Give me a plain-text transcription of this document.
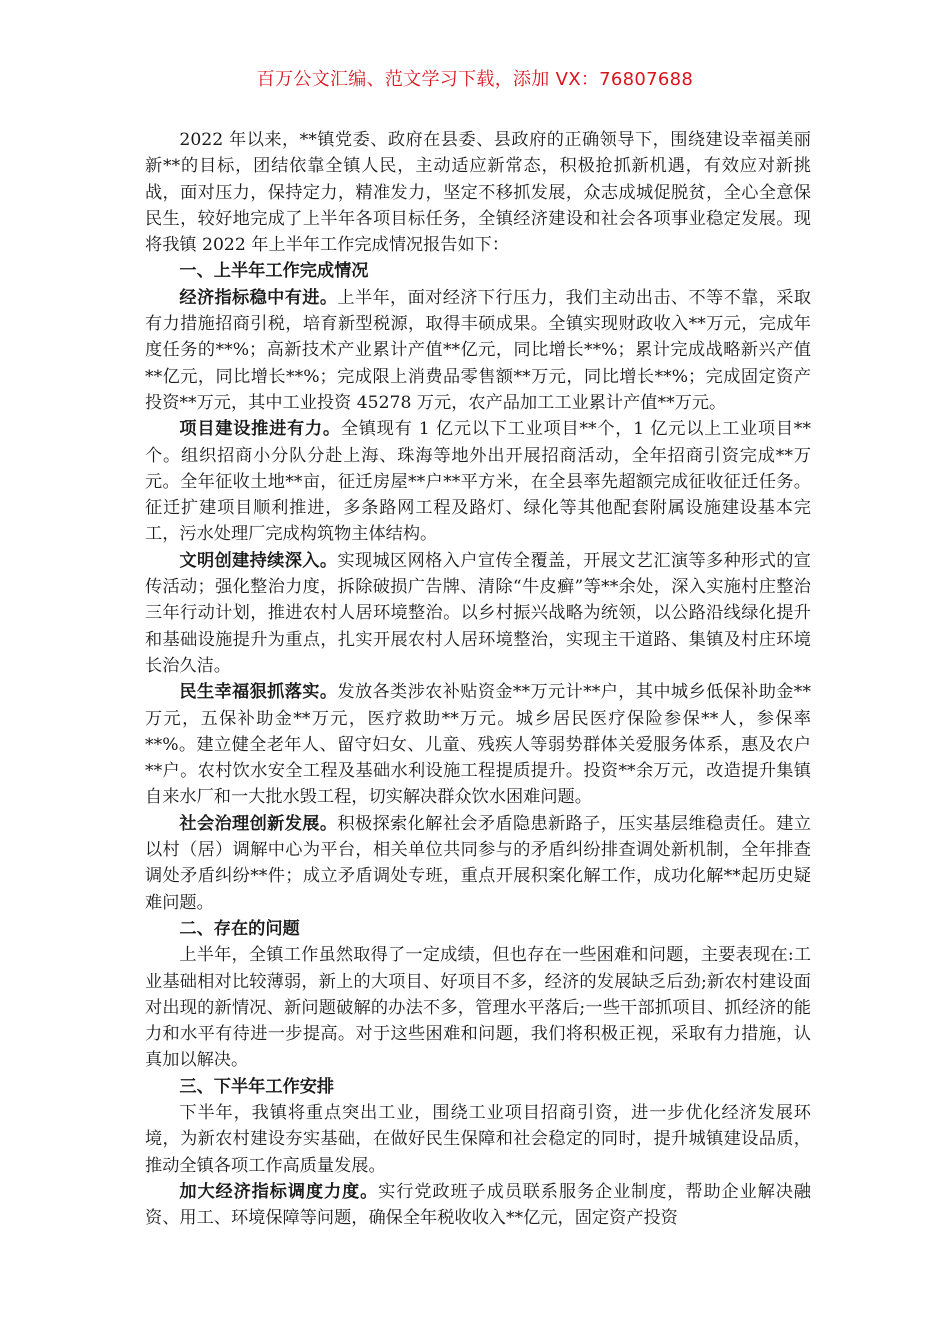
百万公文汇编、范文学习下载，添加 VX：76807688

2022 年以来，**镇党委、政府在县委、县政府的正确领导下，围绕建设幸福美丽新**的目标，团结依靠全镇人民，主动适应新常态，积极抢抓新机遇，有效应对新挑战，面对压力，保持定力，精准发力，坚定不移抓发展，众志成城促脱贫，全心全意保民生，较好地完成了上半年各项目标任务，全镇经济建设和社会各项事业稳定发展。现将我镇 2022 年上半年工作完成情况报告如下：

一、上半年工作完成情况

经济指标稳中有进。上半年，面对经济下行压力，我们主动出击、不等不靠，采取有力措施招商引税，培育新型税源，取得丰硕成果。全镇实现财政收入**万元，完成年度任务的**%；高新技术产业累计产值**亿元，同比增长**%；累计完成战略新兴产值**亿元，同比增长**%；完成限上消费品零售额**万元，同比增长**%；完成固定资产投资**万元，其中工业投资 45278 万元，农产品加工工业累计产值**万元。

项目建设推进有力。全镇现有 1 亿元以下工业项目**个，1 亿元以上工业项目**个。组织招商小分队分赴上海、珠海等地外出开展招商活动，全年招商引资完成**万元。全年征收土地**亩，征迁房屋**户**平方米，在全县率先超额完成征收征迁任务。征迁扩建项目顺利推进，多条路网工程及路灯、绿化等其他配套附属设施建设基本完工，污水处理厂完成构筑物主体结构。

文明创建持续深入。实现城区网格入户宣传全覆盖，开展文艺汇演等多种形式的宣传活动；强化整治力度，拆除破损广告牌、清除“牛皮癣”等**余处，深入实施村庄整治三年行动计划，推进农村人居环境整治。以乡村振兴战略为统领，以公路沿线绿化提升和基础设施提升为重点，扎实开展农村人居环境整治，实现主干道路、集镇及村庄环境长治久洁。

民生幸福狠抓落实。发放各类涉农补贴资金**万元计**户，其中城乡低保补助金**万元，五保补助金**万元，医疗救助**万元。城乡居民医疗保险参保**人，参保率**%。建立健全老年人、留守妇女、儿童、残疾人等弱势群体关爱服务体系，惠及农户**户。农村饮水安全工程及基础水利设施工程提质提升。投资**余万元，改造提升集镇自来水厂和一大批水毁工程，切实解决群众饮水困难问题。

社会治理创新发展。积极探索化解社会矛盾隐患新路子，压实基层维稳责任。建立以村（居）调解中心为平台，相关单位共同参与的矛盾纠纷排查调处新机制，全年排查调处矛盾纠纷**件；成立矛盾调处专班，重点开展积案化解工作，成功化解**起历史疑难问题。

二、存在的问题

上半年，全镇工作虽然取得了一定成绩，但也存在一些困难和问题，主要表现在:工业基础相对比较薄弱，新上的大项目、好项目不多，经济的发展缺乏后劲;新农村建设面对出现的新情况、新问题破解的办法不多，管理水平落后;一些干部抓项目、抓经济的能力和水平有待进一步提高。对于这些困难和问题，我们将积极正视，采取有力措施，认真加以解决。

三、下半年工作安排

下半年，我镇将重点突出工业，围绕工业项目招商引资，进一步优化经济发展环境，为新农村建设夯实基础，在做好民生保障和社会稳定的同时，提升城镇建设品质，推动全镇各项工作高质量发展。

加大经济指标调度力度。实行党政班子成员联系服务企业制度，帮助企业解决融资、用工、环境保障等问题，确保全年税收收入**亿元，固定资产投资
